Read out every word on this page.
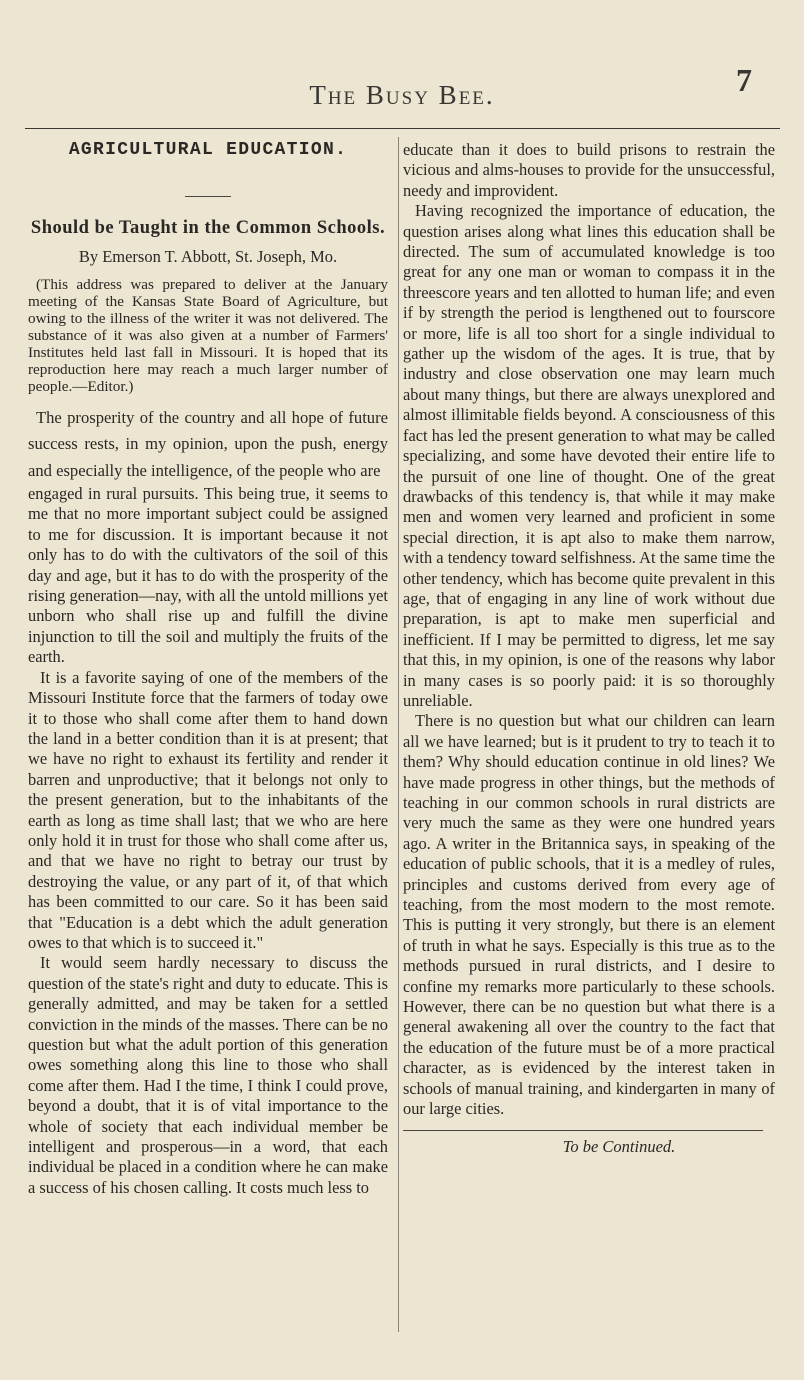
The Busy Bee.	7
AGRICULTURAL EDUCATION.
Should be Taught in the Common Schools.

By Emerson T. Abbott, St. Joseph, Mo.

(This address was prepared to deliver at the January meeting of the Kansas State Board of Agriculture, but owing to the illness of the writer it was not delivered. The substance of it was also given at a number of Farmers' Institutes held last fall in Missouri. It is hoped that its reproduction here may reach a much larger number of people.—Editor.)

The prosperity of the country and all hope of future success rests, in my opinion, upon the push, energy and especially the intelligence, of the people who are

engaged in rural pursuits. This being true, it seems to me that no more important subject could be assigned to me for discussion. It is important because it not only has to do with the cultivators of the soil of this day and age, but it has to do with the prosperity of the rising generation—nay, with all the untold millions yet unborn who shall rise up and fulfill the divine injunction to till the soil and multiply the fruits of the earth.

It is a favorite saying of one of the members of the Missouri Institute force that the farmers of today owe it to those who shall come after them to hand down the land in a better condition than it is at present; that we have no right to exhaust its fertility and render it barren and unproductive; that it belongs not only to the present generation, but to the inhabitants of the earth as long as time shall last; that we who are here only hold it in trust for those who shall come after us, and that we have no right to betray our trust by destroying the value, or any part of it, of that which has been committed to our care. So it has been said that "Education is a debt which the adult generation owes to that which is to succeed it."

It would seem hardly necessary to discuss the question of the state's right and duty to educate. This is generally admitted, and may be taken for a settled conviction in the minds of the masses. There can be no question but what the adult portion of this generation owes something along this line to those who shall come after them. Had I the time, I think I could prove, beyond a doubt, that it is of vital importance to the whole of society that each individual member be intelligent and prosperous—in a word, that each individual be placed in a condition where he can make a success of his chosen calling. It costs much less to

educate than it does to build prisons to restrain the vicious and alms-houses to provide for the unsuccessful, needy and improvident.

Having recognized the importance of education, the question arises along what lines this education shall be directed. The sum of accumulated knowledge is too great for any one man or woman to compass it in the threescore years and ten allotted to human life; and even if by strength the period is lengthened out to fourscore or more, life is all too short for a single individual to gather up the wisdom of the ages. It is true, that by industry and close observation one may learn much about many things, but there are always unexplored and almost illimitable fields beyond. A consciousness of this fact has led the present generation to what may be called specializing, and some have devoted their entire life to the pursuit of one line of thought. One of the great drawbacks of this tendency is, that while it may make men and women very learned and proficient in some special direction, it is apt also to make them narrow, with a tendency toward selfishness. At the same time the other tendency, which has become quite prevalent in this age, that of engaging in any line of work without due preparation, is apt to make men superficial and inefficient. If I may be permitted to digress, let me say that this, in my opinion, is one of the reasons why labor in many cases is so poorly paid: it is so thoroughly unreliable.

There is no question but what our children can learn all we have learned; but is it prudent to try to teach it to them? Why should education continue in old lines? We have made progress in other things, but the methods of teaching in our common schools in rural districts are very much the same as they were one hundred years ago. A writer in the Britannica says, in speaking of the education of public schools, that it is a medley of rules, principles and customs derived from every age of teaching, from the most modern to the most remote. This is putting it very strongly, but there is an element of truth in what he says. Especially is this true as to the methods pursued in rural districts, and I desire to confine my remarks more particularly to these schools. However, there can be no question but what there is a general awakening all over the country to the fact that the education of the future must be of a more practical character, as is evidenced by the interest taken in schools of manual training, and kindergarten in many of our large cities.

To be Continued.
